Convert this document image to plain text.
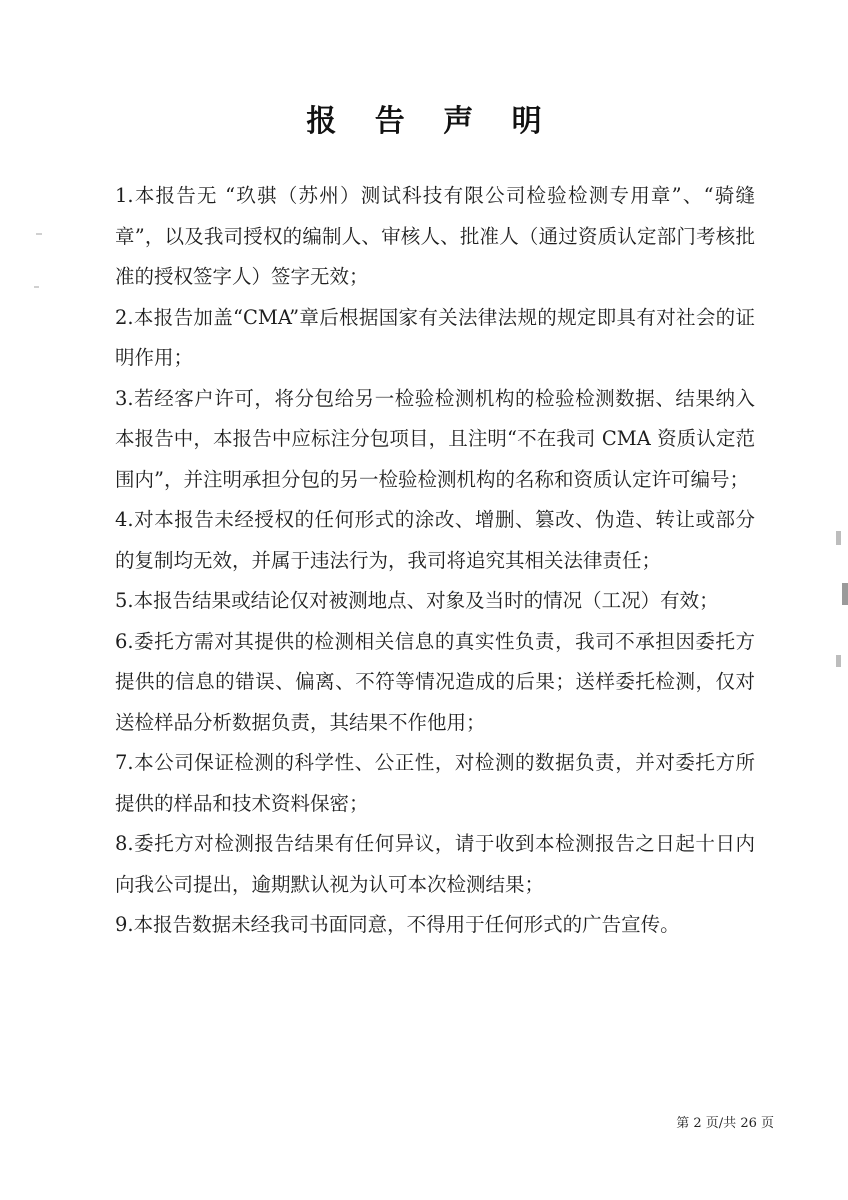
报 告 声 明

1.本报告无 “玖骐（苏州）测试科技有限公司检验检测专用章”、“骑缝章”，以及我司授权的编制人、审核人、批准人（通过资质认定部门考核批准的授权签字人）签字无效；

2.本报告加盖“CMA”章后根据国家有关法律法规的规定即具有对社会的证明作用；

3.若经客户许可，将分包给另一检验检测机构的检验检测数据、结果纳入本报告中，本报告中应标注分包项目，且注明“不在我司 CMA 资质认定范围内”，并注明承担分包的另一检验检测机构的名称和资质认定许可编号；

4.对本报告未经授权的任何形式的涂改、增删、篡改、伪造、转让或部分的复制均无效，并属于违法行为，我司将追究其相关法律责任；

5.本报告结果或结论仅对被测地点、对象及当时的情况（工况）有效；

6.委托方需对其提供的检测相关信息的真实性负责，我司不承担因委托方提供的信息的错误、偏离、不符等情况造成的后果；送样委托检测，仅对送检样品分析数据负责，其结果不作他用；

7.本公司保证检测的科学性、公正性，对检测的数据负责，并对委托方所提供的样品和技术资料保密；

8.委托方对检测报告结果有任何异议，请于收到本检测报告之日起十日内向我公司提出，逾期默认视为认可本次检测结果；

9.本报告数据未经我司书面同意，不得用于任何形式的广告宣传。

第 2 页/共 26 页
